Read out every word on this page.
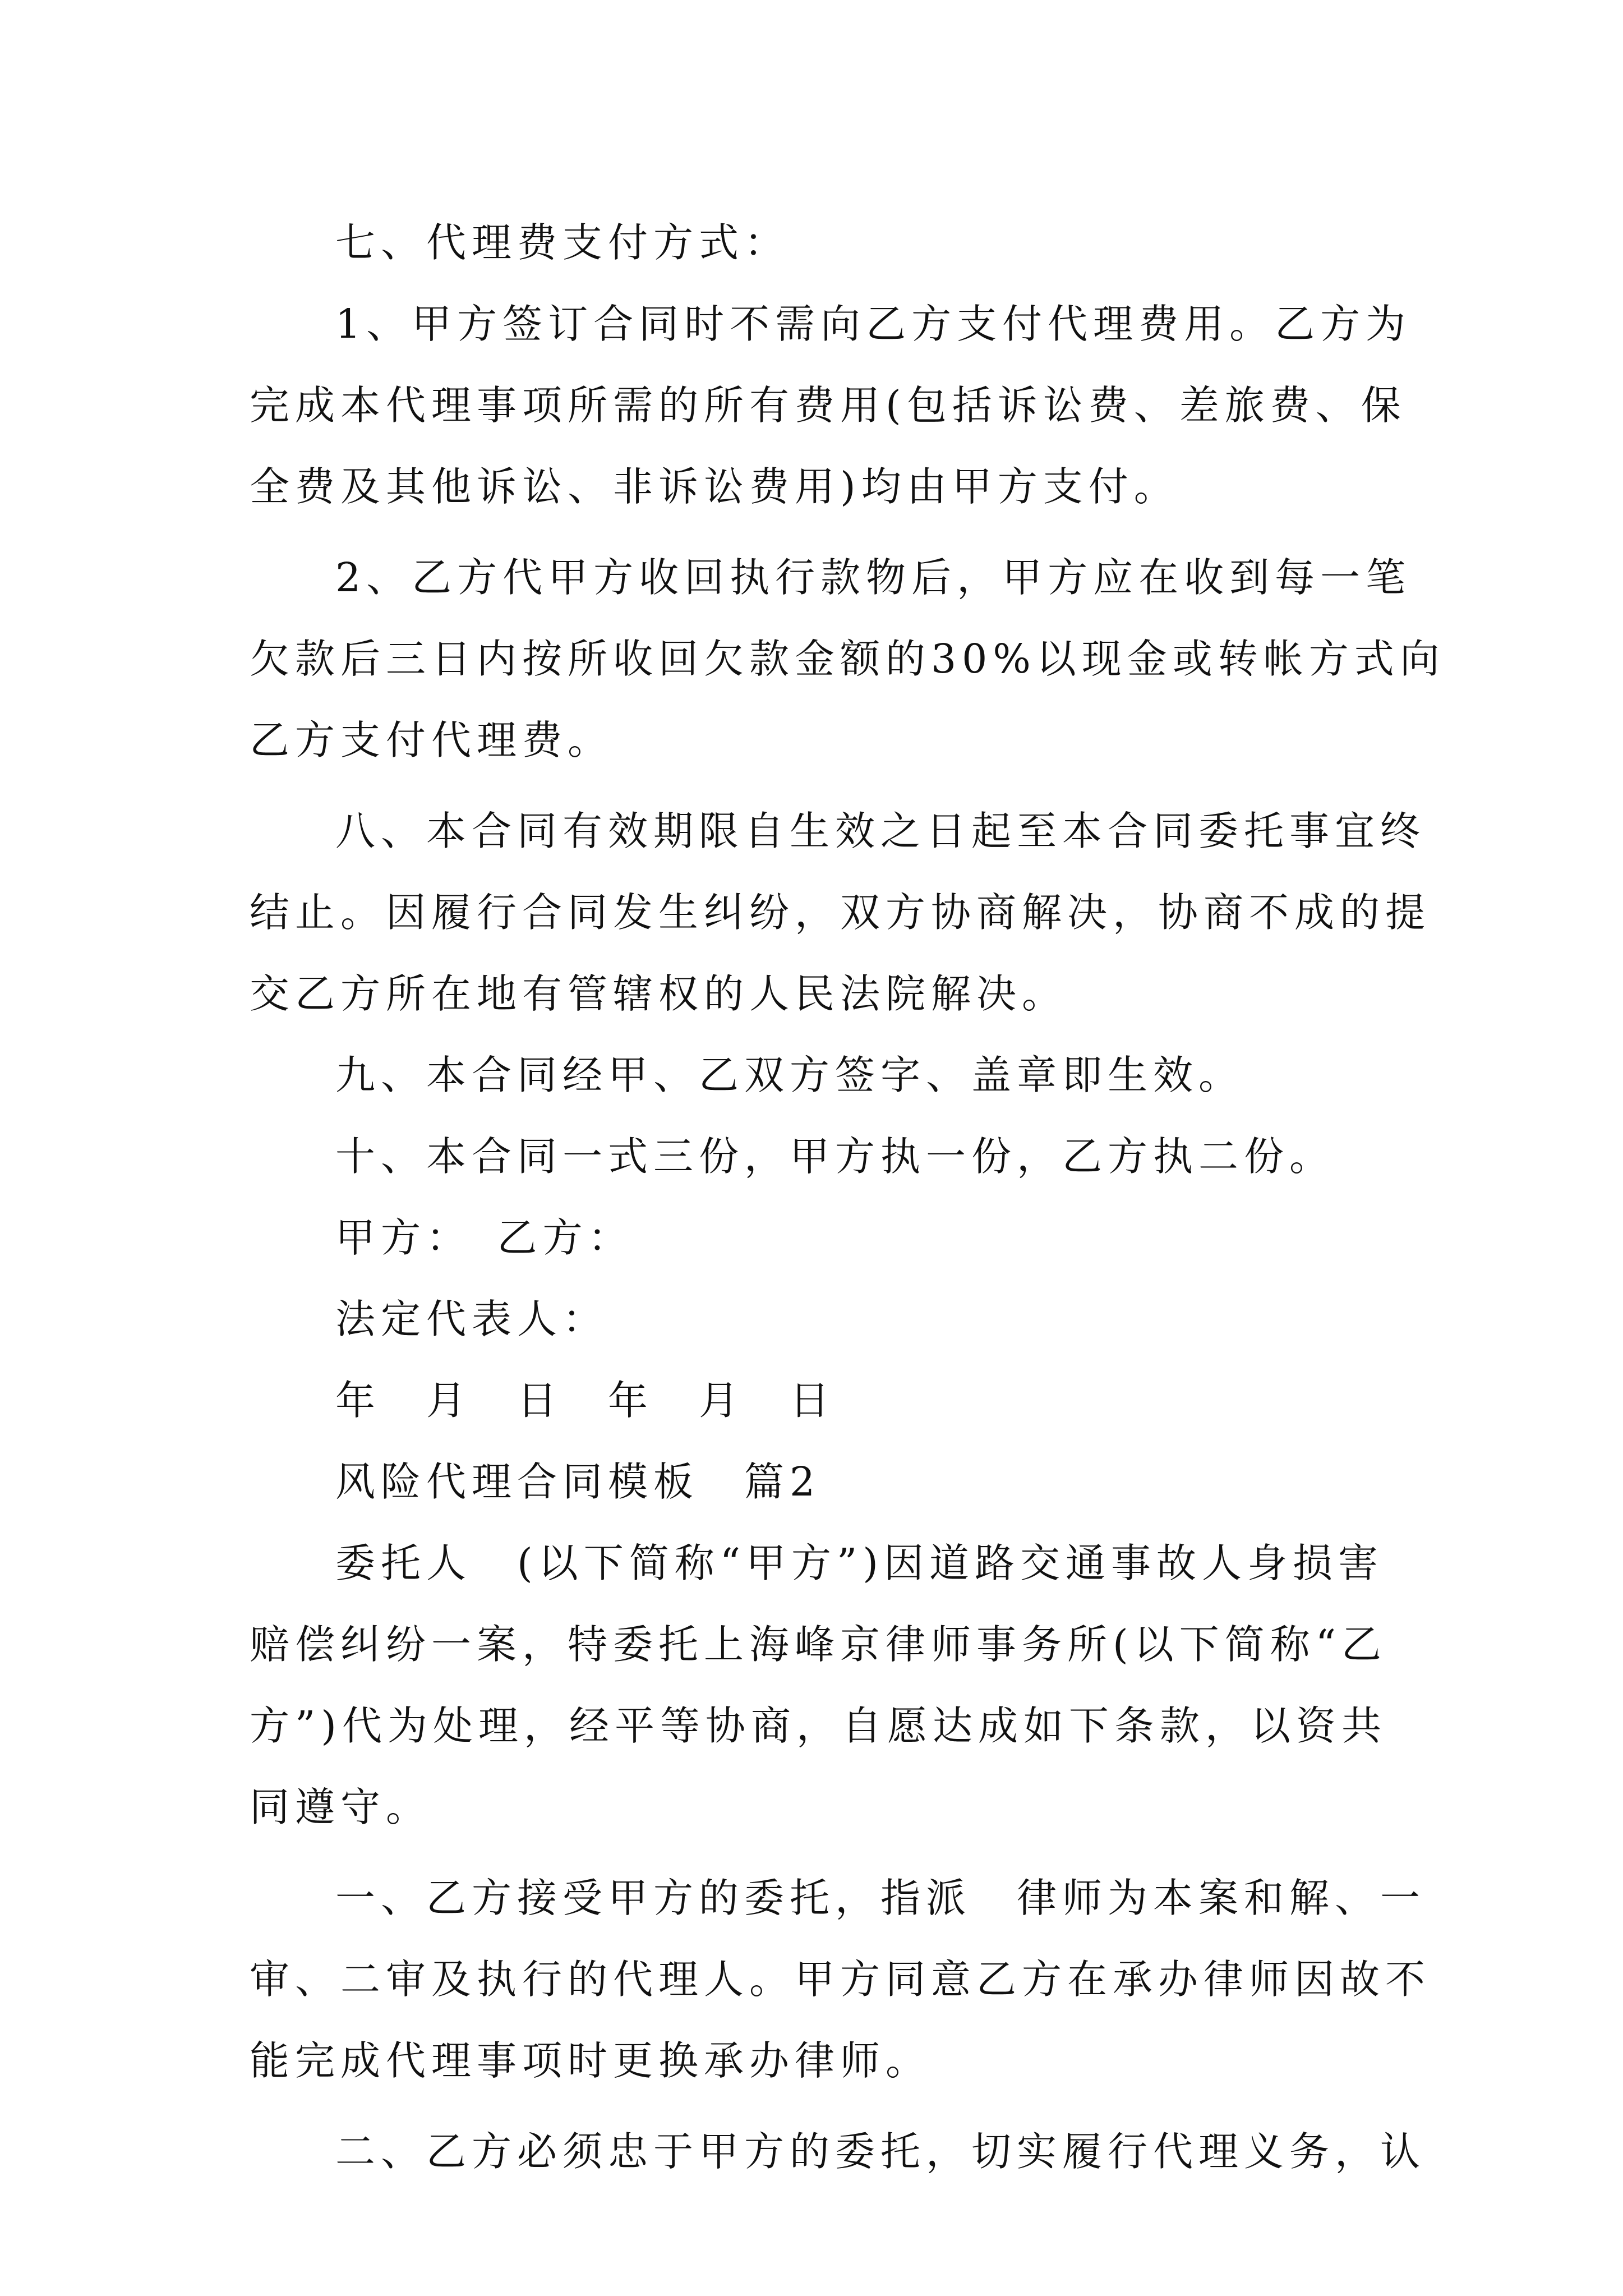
七、代理费支付方式：
1、甲方签订合同时不需向乙方支付代理费用。乙方为
完成本代理事项所需的所有费用(包括诉讼费、差旅费、保
全费及其他诉讼、非诉讼费用)均由甲方支付。
2、乙方代甲方收回执行款物后，甲方应在收到每一笔
欠款后三日内按所收回欠款金额的30%以现金或转帐方式向
乙方支付代理费。
八、本合同有效期限自生效之日起至本合同委托事宜终
结止。因履行合同发生纠纷，双方协商解决，协商不成的提
交乙方所在地有管辖权的人民法院解决。
九、本合同经甲、乙双方签字、盖章即生效。
十、本合同一式三份，甲方执一份，乙方执二份。
甲方：　乙方：
法定代表人：
年　月　日　年　月　日
风险代理合同模板　篇2
委托人　(以下简称“甲方”)因道路交通事故人身损害
赔偿纠纷一案，特委托上海峰京律师事务所(以下简称“乙
方”)代为处理，经平等协商，自愿达成如下条款，以资共
同遵守。
一、乙方接受甲方的委托，指派　律师为本案和解、一
审、二审及执行的代理人。甲方同意乙方在承办律师因故不
能完成代理事项时更换承办律师。
二、乙方必须忠于甲方的委托，切实履行代理义务，认
